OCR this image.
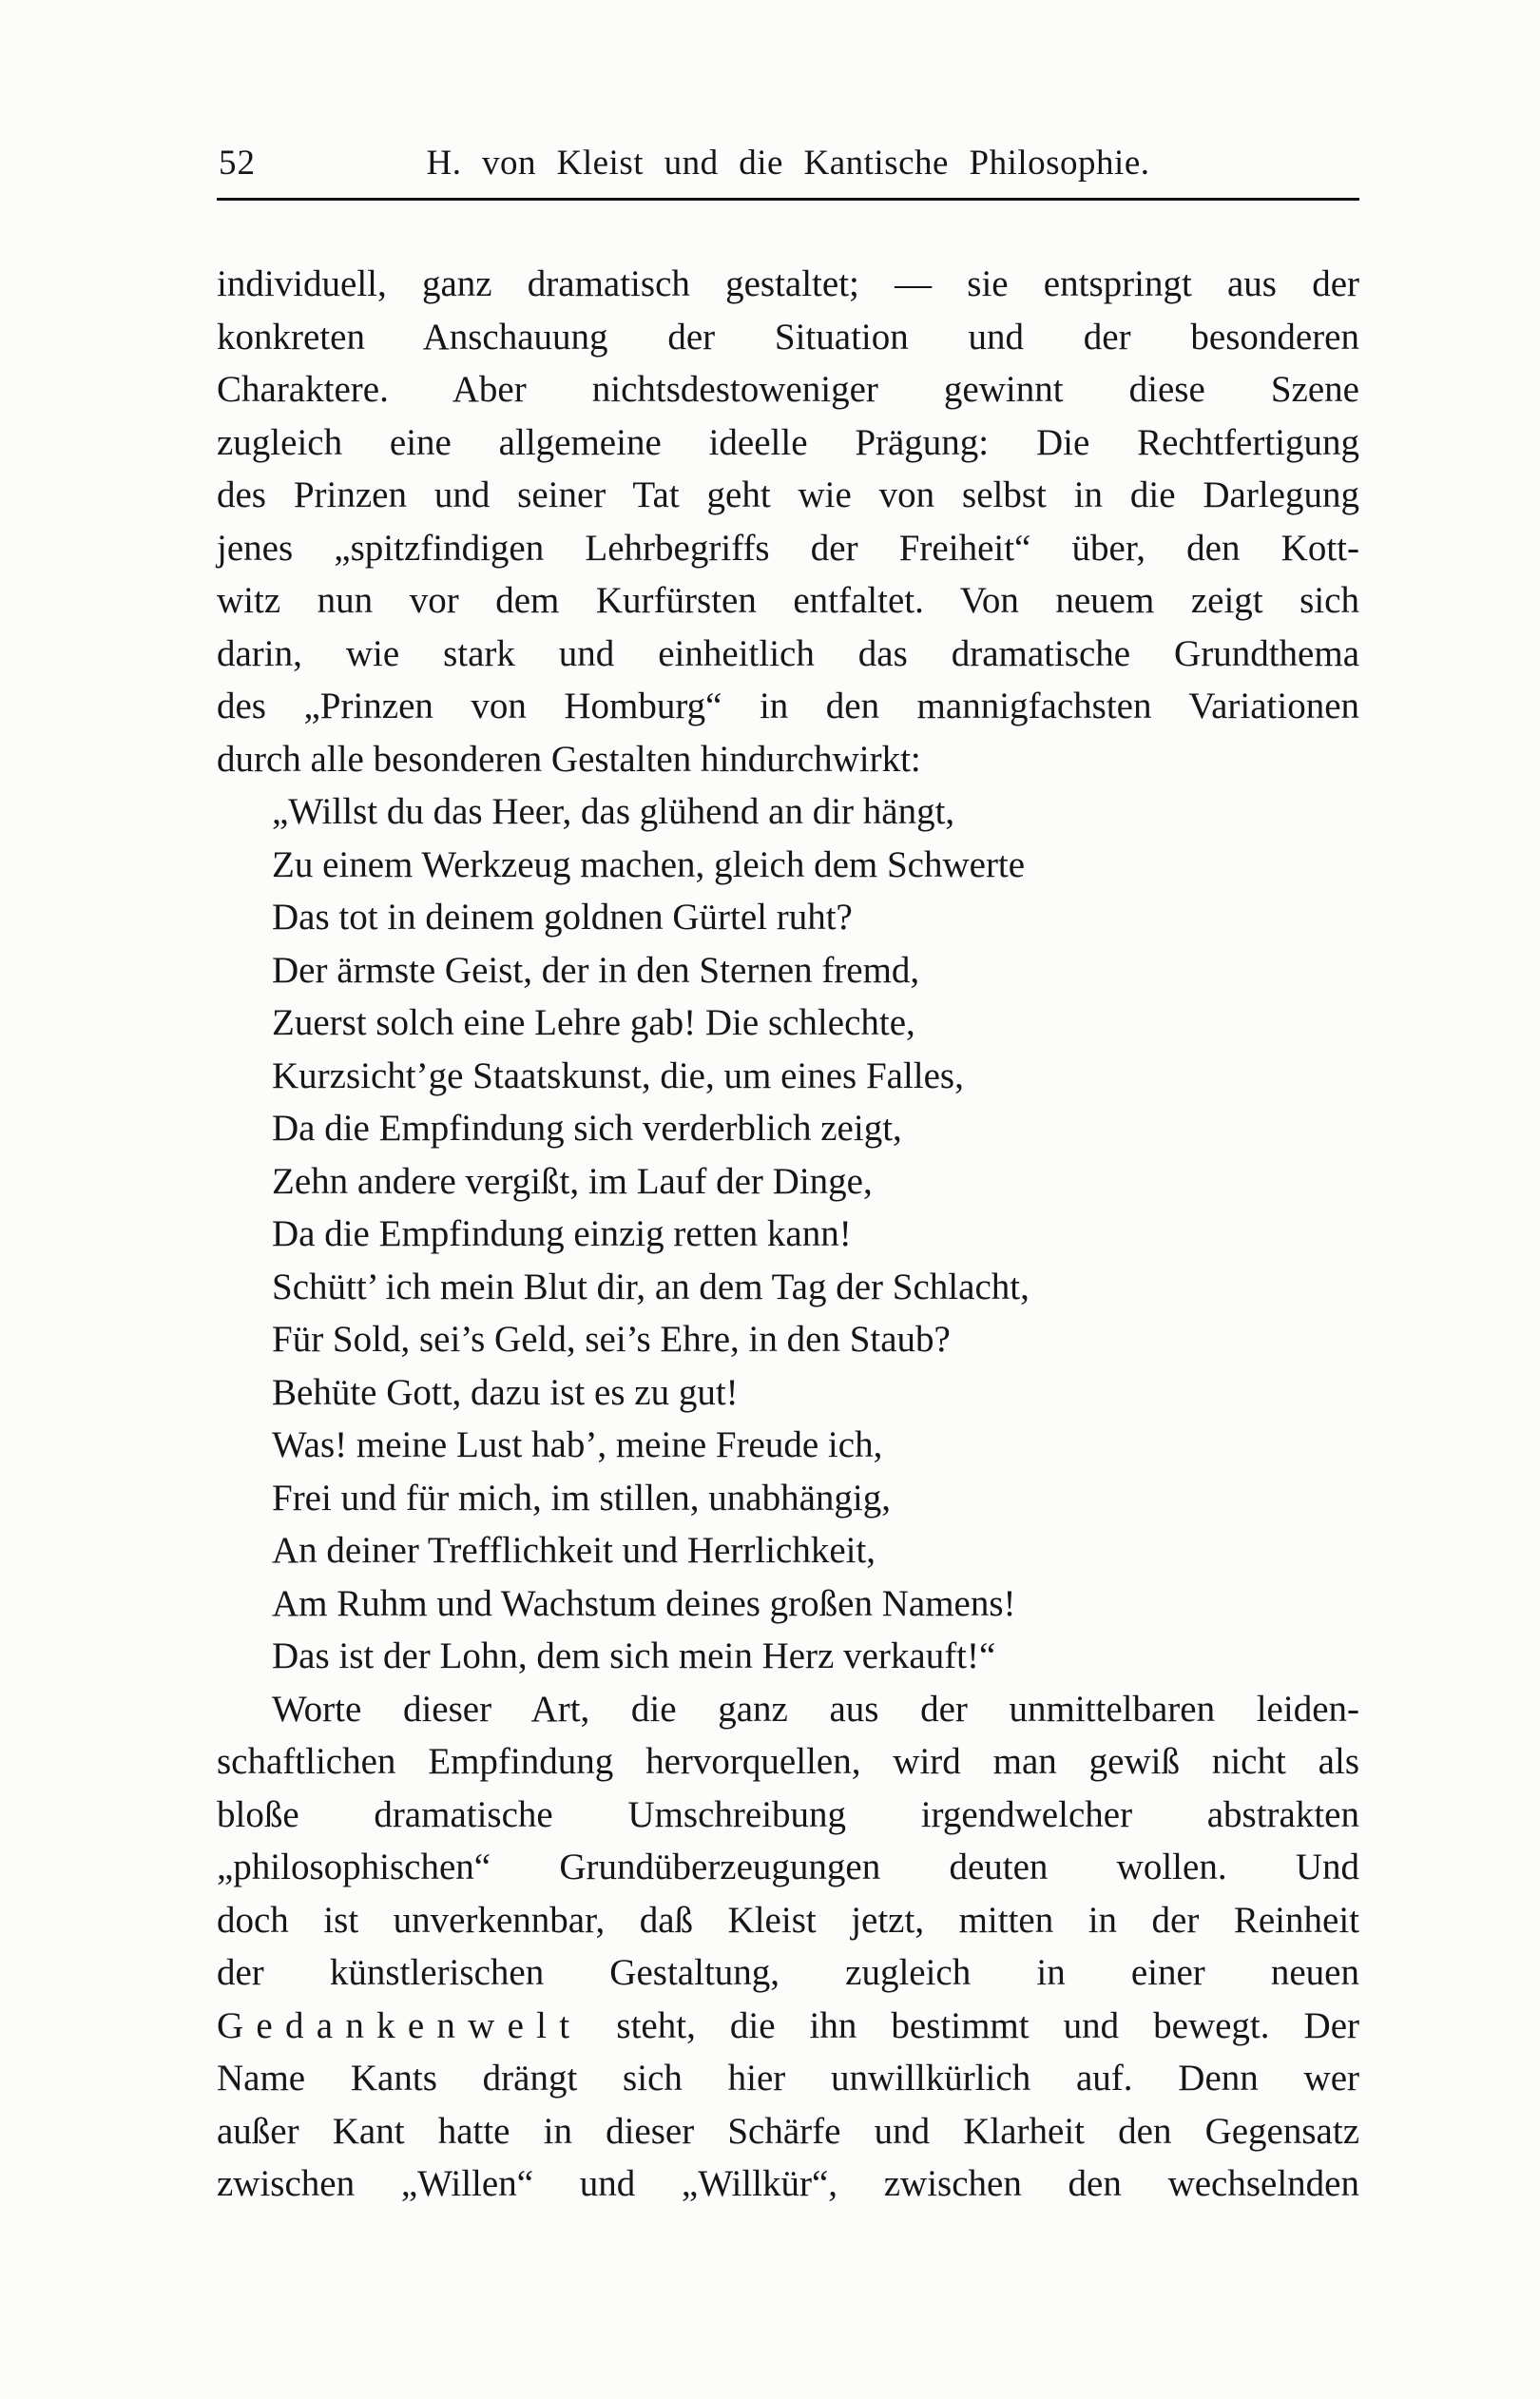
52	H. von Kleist und die Kantische Philosophie.
individuell, ganz dramatisch gestaltet; — sie entspringt aus der
konkreten Anschauung der Situation und der besonderen
Charaktere. Aber nichtsdestoweniger gewinnt diese Szene
zugleich eine allgemeine ideelle Prägung: Die Rechtfertigung
des Prinzen und seiner Tat geht wie von selbst in die Darlegung
jenes „spitzfindigen Lehrbegriffs der Freiheit“ über, den Kott-
witz nun vor dem Kurfürsten entfaltet. Von neuem zeigt sich
darin, wie stark und einheitlich das dramatische Grundthema
des „Prinzen von Homburg“ in den mannigfachsten Variationen
durch alle besonderen Gestalten hindurchwirkt:
„Willst du das Heer, das glühend an dir hängt,
Zu einem Werkzeug machen, gleich dem Schwerte
Das tot in deinem goldnen Gürtel ruht?
Der ärmste Geist, der in den Sternen fremd,
Zuerst solch eine Lehre gab! Die schlechte,
Kurzsicht’ge Staatskunst, die, um eines Falles,
Da die Empfindung sich verderblich zeigt,
Zehn andere vergißt, im Lauf der Dinge,
Da die Empfindung einzig retten kann!
Schütt’ ich mein Blut dir, an dem Tag der Schlacht,
Für Sold, sei’s Geld, sei’s Ehre, in den Staub?
Behüte Gott, dazu ist es zu gut!
Was! meine Lust hab’, meine Freude ich,
Frei und für mich, im stillen, unabhängig,
An deiner Trefflichkeit und Herrlichkeit,
Am Ruhm und Wachstum deines großen Namens!
Das ist der Lohn, dem sich mein Herz verkauft!“
Worte dieser Art, die ganz aus der unmittelbaren leiden-
schaftlichen Empfindung hervorquellen, wird man gewiß nicht als
bloße dramatische Umschreibung irgendwelcher abstrakten
„philosophischen“ Grundüberzeugungen deuten wollen. Und
doch ist unverkennbar, daß Kleist jetzt, mitten in der Reinheit
der künstlerischen Gestaltung, zugleich in einer neuen
Gedankenwelt steht, die ihn bestimmt und bewegt. Der
Name Kants drängt sich hier unwillkürlich auf. Denn wer
außer Kant hatte in dieser Schärfe und Klarheit den Gegensatz
zwischen „Willen“ und „Willkür“, zwischen den wechselnden
